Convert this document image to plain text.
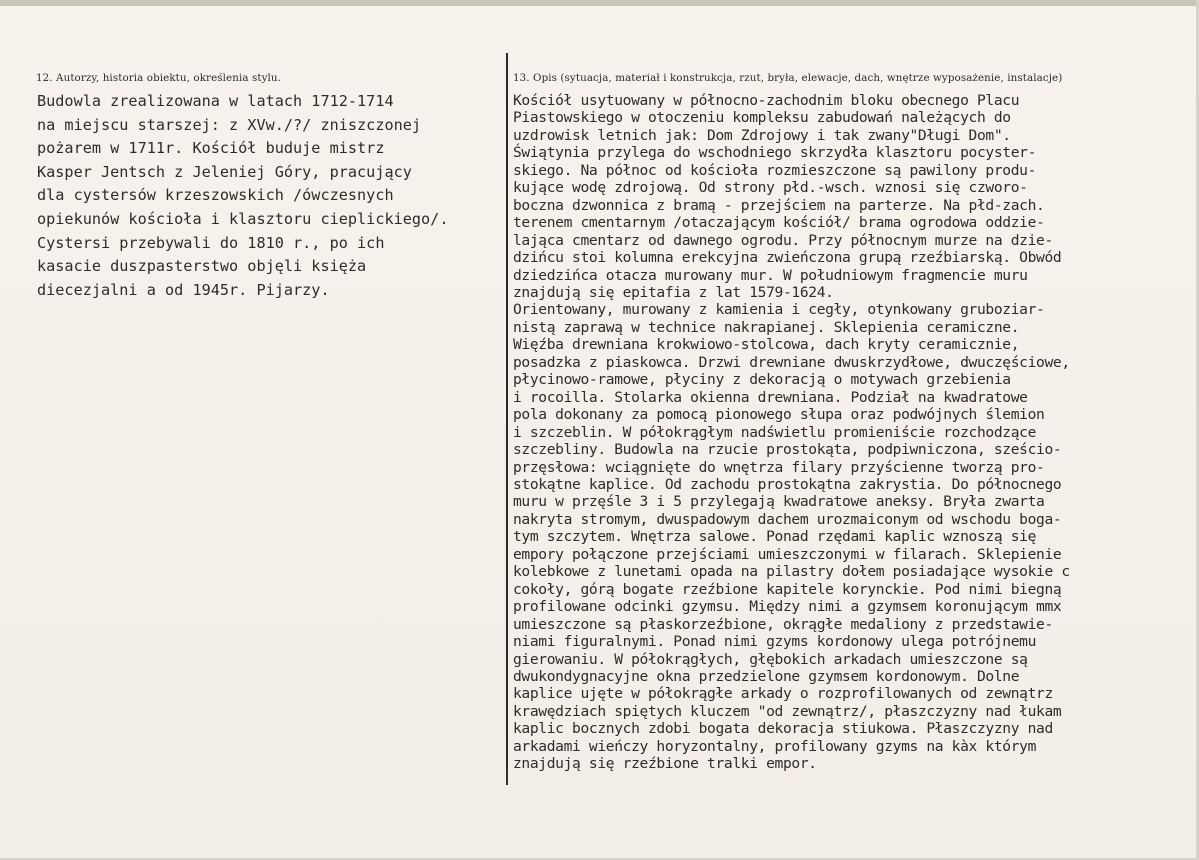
12. Autorzy, historia obiektu, określenia stylu.	13. Opis (sytuacja, materiał i konstrukcja, rzut, bryła, elewacje, dach, wnętrze wyposażenie, instalacje)
Budowla zrealizowana w latach 1712-1714
na miejscu starszej: z XVw./?/ zniszczonej
pożarem w 1711r. Kościół buduje mistrz
Kasper Jentsch z Jeleniej Góry, pracujący
dla cystersów krzeszowskich /ówczesnych
opiekunów kościoła i klasztoru cieplickiego/.
Cystersi przebywali do 1810 r., po ich
kasacie duszpasterstwo objęli księża
diecezjalni a od 1945r. Pijarzy.
Kościół usytuowany w północno-zachodnim bloku obecnego Placu
Piastowskiego w otoczeniu kompleksu zabudowań należących do
uzdrowisk letnich jak: Dom Zdrojowy i tak zwany"Długi Dom".
Świątynia przylega do wschodniego skrzydła klasztoru pocyster-
skiego. Na północ od kościoła rozmieszczone są pawilony produ-
kujące wodę zdrojową. Od strony płd.-wsch. wznosi się czworo-
boczna dzwonnica z bramą - przejściem na parterze. Na płd-zach.
terenem cmentarnym /otaczającym kościół/ brama ogrodowa oddzie-
lająca cmentarz od dawnego ogrodu. Przy północnym murze na dzie-
dzińcu stoi kolumna erekcyjna zwieńczona grupą rzeźbiarską. Obwód
dziedzińca otacza murowany mur. W południowym fragmencie muru
znajdują się epitafia z lat 1579-1624.
Orientowany, murowany z kamienia i cegły, otynkowany gruboziar-
nistą zaprawą w technice nakrapianej. Sklepienia ceramiczne.
Więźba drewniana krokwiowo-stolcowa, dach kryty ceramicznie,
posadzka z piaskowca. Drzwi drewniane dwuskrzydłowe, dwuczęściowe,
płycinowo-ramowe, płyciny z dekoracją o motywach grzebienia
i rocoilla. Stolarka okienna drewniana. Podział na kwadratowe
pola dokonany za pomocą pionowego słupa oraz podwójnych ślemion
i szczeblin. W półokrągłym nadświetlu promieniście rozchodzące
szczebliny. Budowla na rzucie prostokąta, podpiwniczona, sześcio-
przęsłowa: wciągnięte do wnętrza filary przyścienne tworzą pro-
stokątne kaplice. Od zachodu prostokątna zakrystia. Do północnego
muru w przęśle 3 i 5 przylegają kwadratowe aneksy. Bryła zwarta
nakryta stromym, dwuspadowym dachem urozmaiconym od wschodu boga-
tym szczytem. Wnętrza salowe. Ponad rzędami kaplic wznoszą się
empory połączone przejściami umieszczonymi w filarach. Sklepienie
kolebkowe z lunetami opada na pilastry dołem posiadające wysokie c
cokoły, górą bogate rzeźbione kapitele korynckie. Pod nimi biegną
profilowane odcinki gzymsu. Między nimi a gzymsem koronującym mmx
umieszczone są płaskorzeźbione, okrągłe medaliony z przedstawie-
niami figuralnymi. Ponad nimi gzyms kordonowy ulega potrójnemu
gierowaniu. W półokrągłych, głębokich arkadach umieszczone są
dwukondygnacyjne okna przedzielone gzymsem kordonowym. Dolne
kaplice ujęte w półokrągłe arkady o rozprofilowanych od zewnątrz
krawędziach spiętych kluczem "od zewnątrz/, płaszczyzny nad łukam
kaplic bocznych zdobi bogata dekoracja stiukowa. Płaszczyzny nad
arkadami wieńczy horyzontalny, profilowany gzyms na kàx którym
znajdują się rzeźbione tralki empor.
